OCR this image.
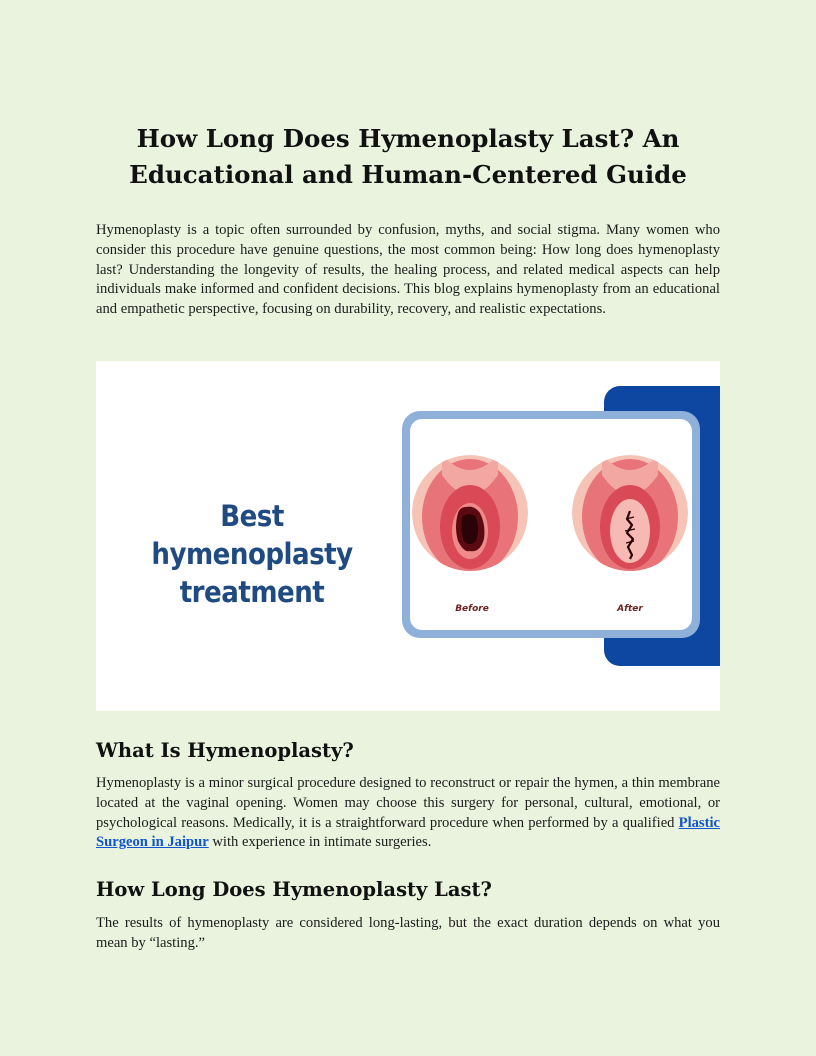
How Long Does Hymenoplasty Last? An
Educational and Human-Centered Guide

Hymenoplasty is a topic often surrounded by confusion, myths, and social stigma. Many women who consider this procedure have genuine questions, the most common being: How long does hymenoplasty last? Understanding the longevity of results, the healing process, and related medical aspects can help individuals make informed and confident decisions. This blog explains hymenoplasty from an educational and empathetic perspective, focusing on durability, recovery, and realistic expectations.

Best hymenoplasty
treatment	Before	After
What Is Hymenoplasty?

Hymenoplasty is a minor surgical procedure designed to reconstruct or repair the hymen, a thin membrane located at the vaginal opening. Women may choose this surgery for personal, cultural, emotional, or psychological reasons. Medically, it is a straightforward procedure when performed by a qualified Plastic Surgeon in Jaipur with experience in intimate surgeries.

How Long Does Hymenoplasty Last?

The results of hymenoplasty are considered long-lasting, but the exact duration depends on what you mean by “lasting.”
